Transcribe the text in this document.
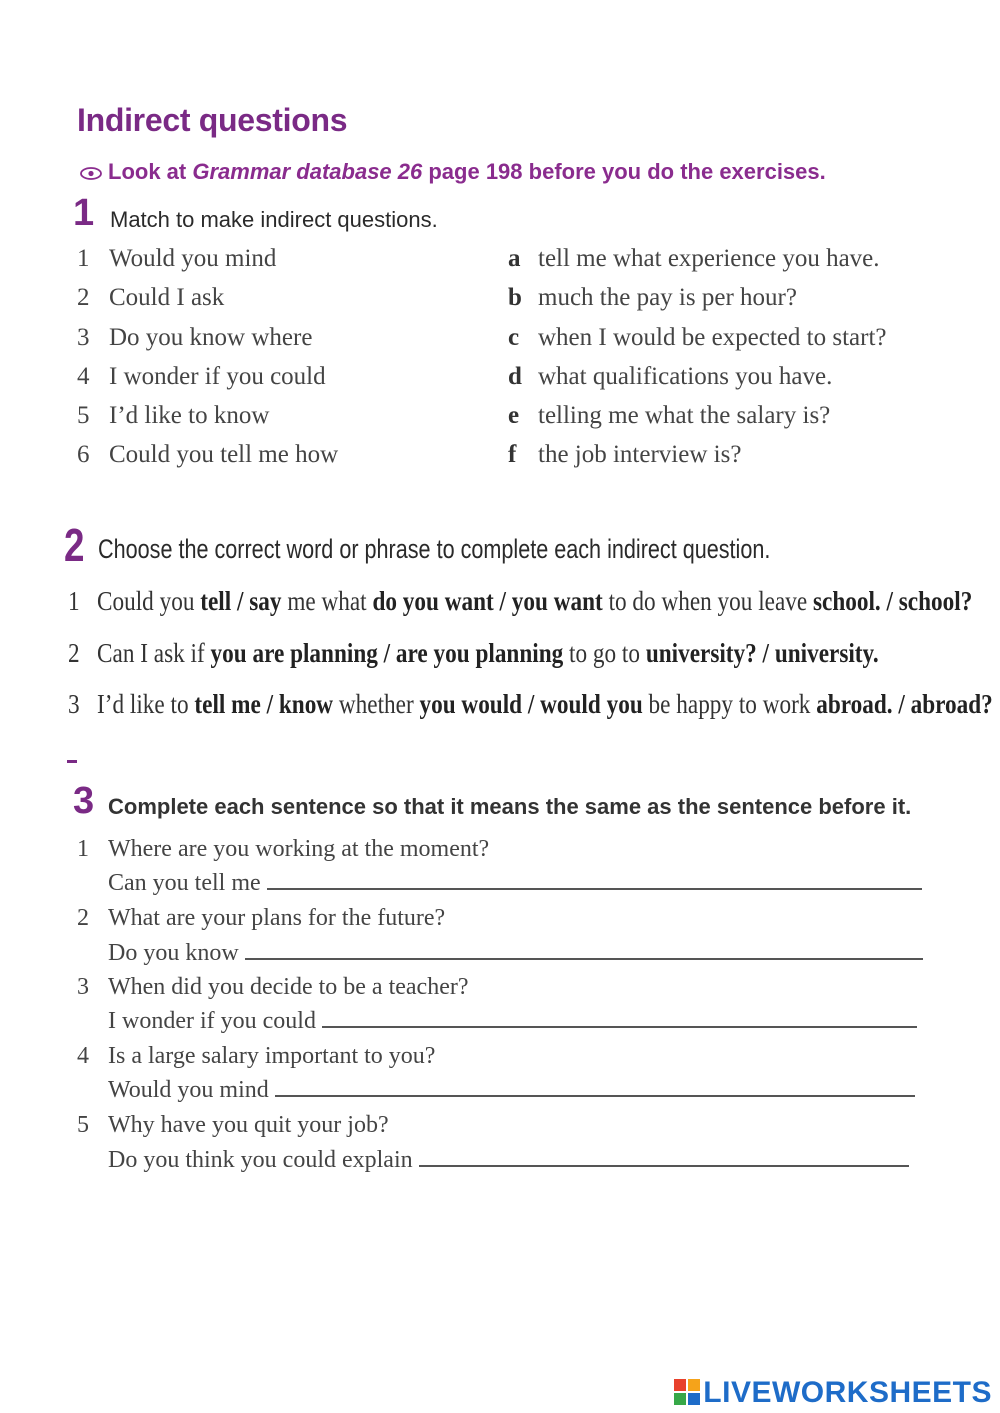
Indirect questions
Look at Grammar database 26 page 198 before you do the exercises.
1 Match to make indirect questions.
1 Would you mind
2 Could I ask
3 Do you know where
4 I wonder if you could
5 I’d like to know
6 Could you tell me how
a tell me what experience you have.
b much the pay is per hour?
c when I would be expected to start?
d what qualifications you have.
e telling me what the salary is?
f the job interview is?
2 Choose the correct word or phrase to complete each indirect question.
1 Could you tell / say me what do you want / you want to do when you leave school. / school?
2 Can I ask if you are planning / are you planning to go to university? / university.
3 I’d like to tell me / know whether you would / would you be happy to work abroad. / abroad?
3 Complete each sentence so that it means the same as the sentence before it.
1 Where are you working at the moment?
Can you tell me
2 What are your plans for the future?
Do you know
3 When did you decide to be a teacher?
I wonder if you could
4 Is a large salary important to you?
Would you mind
5 Why have you quit your job?
Do you think you could explain
LIVEWORKSHEETS
